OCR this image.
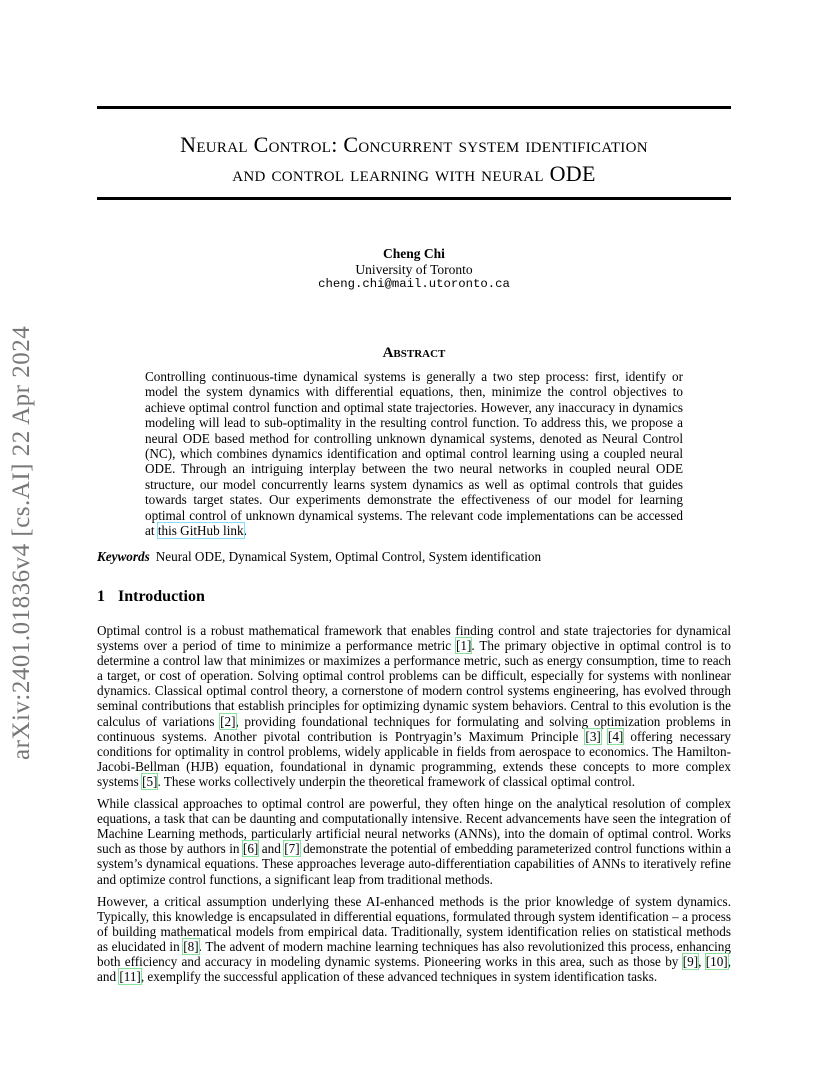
arXiv:2401.01836v4 [cs.AI] 22 Apr 2024
Neural Control: Concurrent system identification
and control learning with neural ODE
Cheng Chi
University of Toronto
cheng.chi@mail.utoronto.ca
Abstract
Controlling continuous-time dynamical systems is generally a two step process: first, identify or model the system dynamics with differential equations, then, minimize the control objectives to achieve optimal control function and optimal state trajectories. However, any inaccuracy in dynamics modeling will lead to sub-optimality in the resulting control function. To address this, we propose a neural ODE based method for controlling unknown dynamical systems, denoted as Neural Control (NC), which combines dynamics identification and optimal control learning using a coupled neural ODE. Through an intriguing interplay between the two neural networks in coupled neural ODE structure, our model concurrently learns system dynamics as well as optimal controls that guides towards target states. Our experiments demonstrate the effectiveness of our model for learning optimal control of unknown dynamical systems. The relevant code implementations can be accessed at this GitHub link.
Keywords Neural ODE, Dynamical System, Optimal Control, System identification
1 Introduction

Optimal control is a robust mathematical framework that enables finding control and state trajectories for dynamical systems over a period of time to minimize a performance metric [1]. The primary objective in optimal control is to determine a control law that minimizes or maximizes a performance metric, such as energy consumption, time to reach a target, or cost of operation. Solving optimal control problems can be difficult, especially for systems with nonlinear dynamics. Classical optimal control theory, a cornerstone of modern control systems engineering, has evolved through seminal contributions that establish principles for optimizing dynamic system behaviors. Central to this evolution is the calculus of variations [2], providing foundational techniques for formulating and solving optimization problems in continuous systems. Another pivotal contribution is Pontryagin’s Maximum Principle [3] [4] offering necessary conditions for optimality in control problems, widely applicable in fields from aerospace to economics. The Hamilton-Jacobi-Bellman (HJB) equation, foundational in dynamic programming, extends these concepts to more complex systems [5]. These works collectively underpin the theoretical framework of classical optimal control.

While classical approaches to optimal control are powerful, they often hinge on the analytical resolution of complex equations, a task that can be daunting and computationally intensive. Recent advancements have seen the integration of Machine Learning methods, particularly artificial neural networks (ANNs), into the domain of optimal control. Works such as those by authors in [6] and [7] demonstrate the potential of embedding parameterized control functions within a system’s dynamical equations. These approaches leverage auto-differentiation capabilities of ANNs to iteratively refine and optimize control functions, a significant leap from traditional methods.

However, a critical assumption underlying these AI-enhanced methods is the prior knowledge of system dynamics. Typically, this knowledge is encapsulated in differential equations, formulated through system identification – a process of building mathematical models from empirical data. Traditionally, system identification relies on statistical methods as elucidated in [8]. The advent of modern machine learning techniques has also revolutionized this process, enhancing both efficiency and accuracy in modeling dynamic systems. Pioneering works in this area, such as those by [9], [10], and [11], exemplify the successful application of these advanced techniques in system identification tasks.
